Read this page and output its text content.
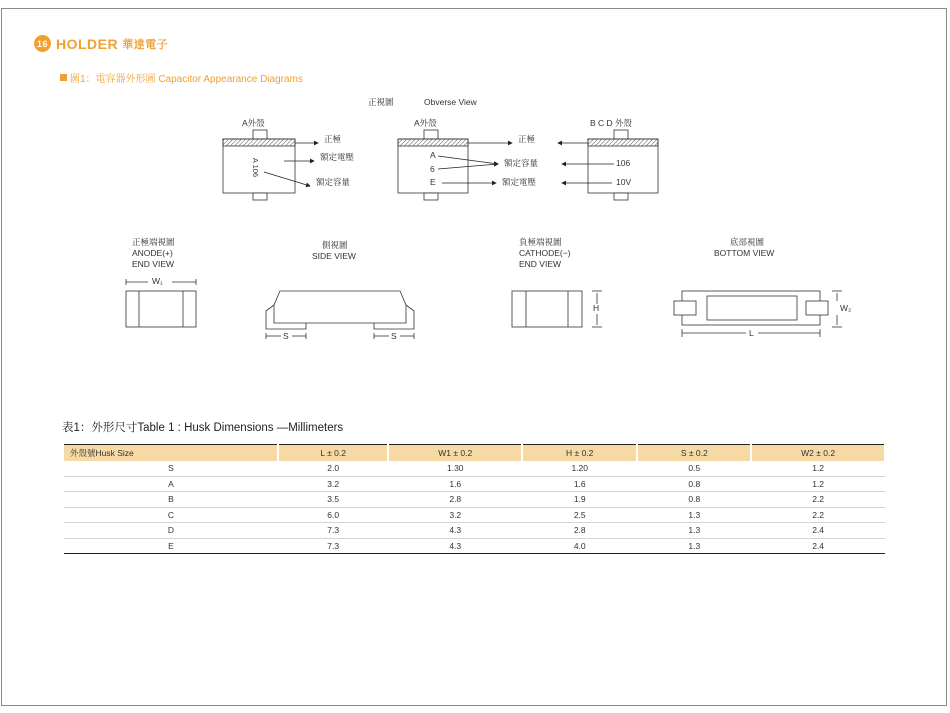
16 HOLDER 華達電子
圖1：電容器外形圖 Capacitor Appearance Diagrams
正視圖	Obverse View
A外殼	A外殼	B C D 外殼
正極
額定電壓
額定容量
A 106
A
6
E
正極
額定容量
額定電壓
106
10V
正極端視圖
ANODE(+)
END VIEW
W₁
側視圖
SIDE VIEW
S	S
負極端視圖
CATHODE(−)
END VIEW
H
底部視圖
BOTTOM VIEW
L
W₂
表1：外形尺寸Table 1 : Husk Dimensions —Millimeters
外殼號Husk Size	L ± 0.2	W1 ± 0.2	H ± 0.2	S ± 0.2	W2 ± 0.2
S	2.0	1.30	1.20	0.5	1.2
A	3.2	1.6	1.6	0.8	1.2
B	3.5	2.8	1.9	0.8	2.2
C	6.0	3.2	2.5	1.3	2.2
D	7.3	4.3	2.8	1.3	2.4
E	7.3	4.3	4.0	1.3	2.4
